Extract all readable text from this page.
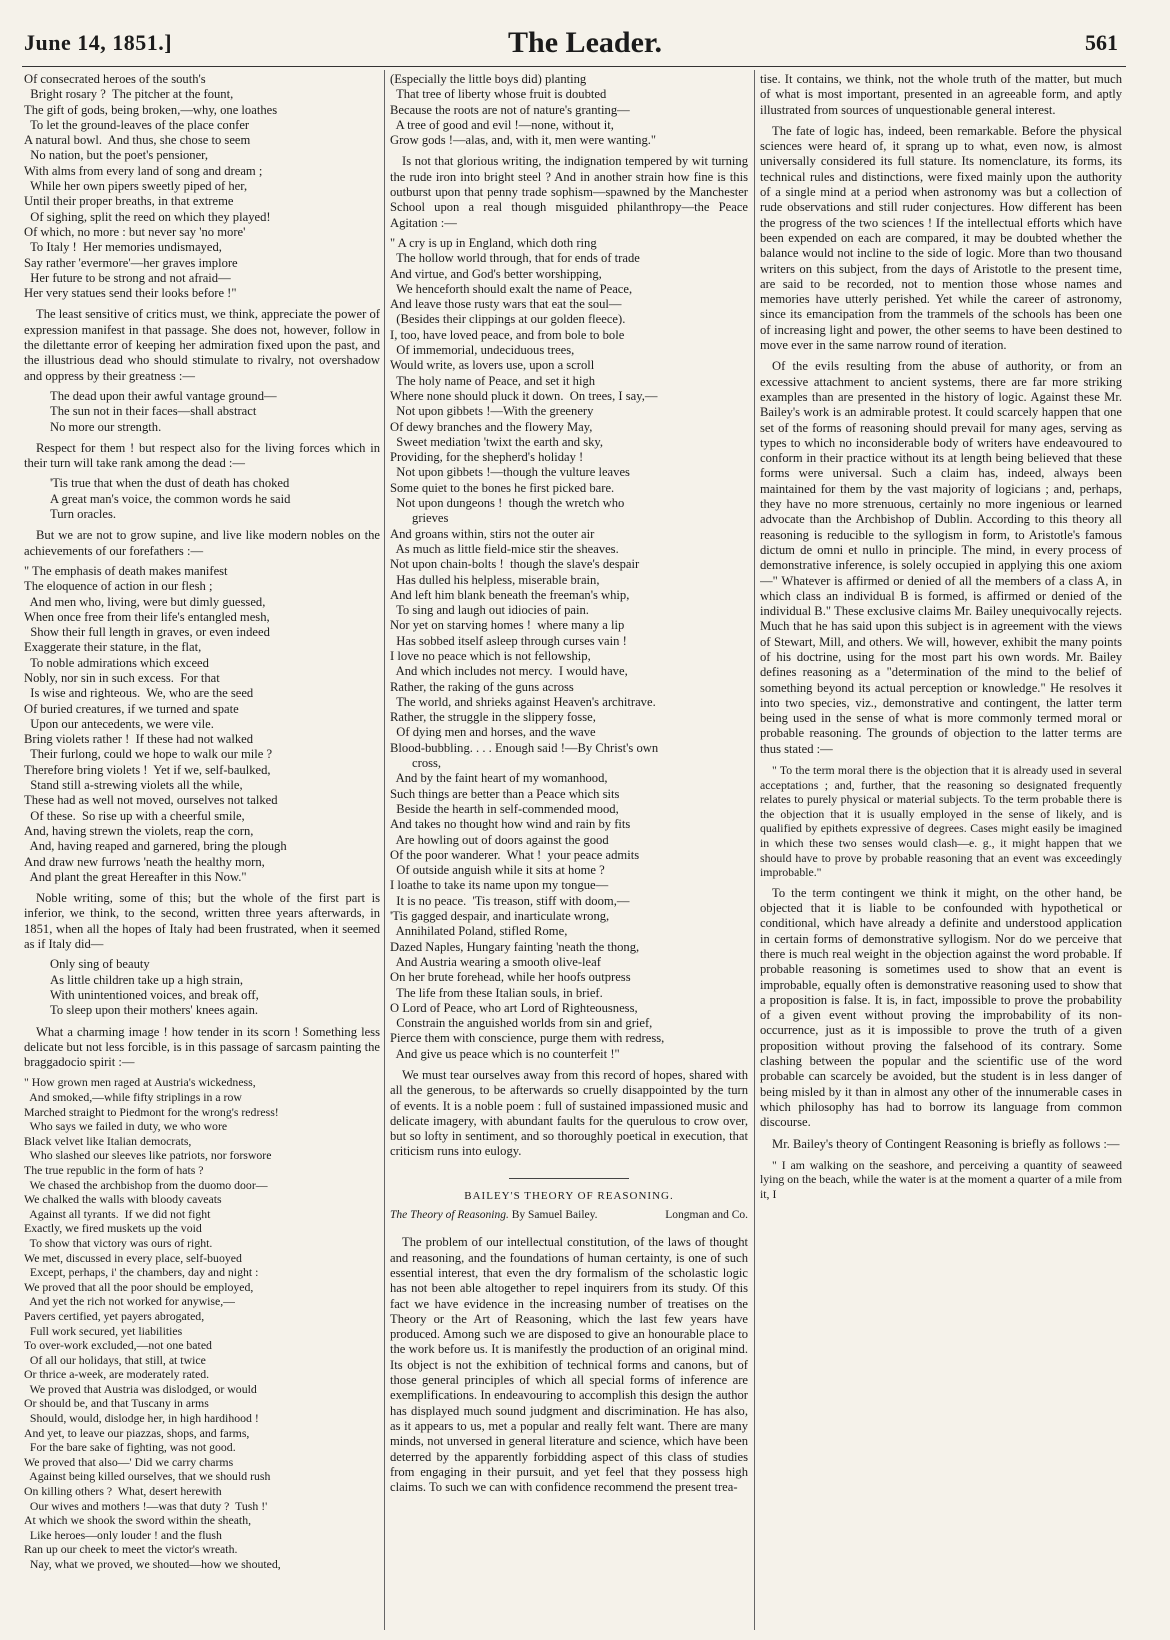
June 14, 1851.]	The Leader.	561
Of consecrated heroes of the south's
Bright rosary ?  The pitcher at the fount,
The gift of gods, being broken,—why, one loathes
To let the ground-leaves of the place confer
A natural bowl.  And thus, she chose to seem
No nation, but the poet's pensioner,
With alms from every land of song and dream ;
While her own pipers sweetly piped of her,
Until their proper breaths, in that extreme
Of sighing, split the reed on which they played!
Of which, no more : but never say 'no more'
To Italy !  Her memories undismayed,
Say rather 'evermore'—her graves implore
Her future to be strong and not afraid—
Her very statues send their looks before !"

The least sensitive of critics must, we think, appreciate the power of expression manifest in that passage. She does not, however, follow in the dilettante error of keeping her admiration fixed upon the past, and the illustrious dead who should stimulate to rivalry, not overshadow and oppress by their greatness :—

The dead upon their awful vantage ground—
The sun not in their faces—shall abstract
No more our strength.

Respect for them ! but respect also for the living forces which in their turn will take rank among the dead :—

'Tis true that when the dust of death has choked
A great man's voice, the common words he said
Turn oracles.

But we are not to grow supine, and live like modern nobles on the achievements of our forefathers :—

" The emphasis of death makes manifest
The eloquence of action in our flesh ;
And men who, living, were but dimly guessed,
When once free from their life's entangled mesh,
Show their full length in graves, or even indeed
Exaggerate their stature, in the flat,
To noble admirations which exceed
Nobly, nor sin in such excess.  For that
Is wise and righteous.  We, who are the seed
Of buried creatures, if we turned and spate
Upon our antecedents, we were vile.
Bring violets rather !  If these had not walked
Their furlong, could we hope to walk our mile ?
Therefore bring violets !  Yet if we, self-baulked,
Stand still a-strewing violets all the while,
These had as well not moved, ourselves not talked
Of these.  So rise up with a cheerful smile,
And, having strewn the violets, reap the corn,
And, having reaped and garnered, bring the plough
And draw new furrows 'neath the healthy morn,
And plant the great Hereafter in this Now."

Noble writing, some of this; but the whole of the first part is inferior, we think, to the second, written three years afterwards, in 1851, when all the hopes of Italy had been frustrated, when it seemed as if Italy did—

Only sing of beauty
As little children take up a high strain,
With unintentioned voices, and break off,
To sleep upon their mothers' knees again.

What a charming image ! how tender in its scorn ! Something less delicate but not less forcible, is in this passage of sarcasm painting the braggadocio spirit :—

" How grown men raged at Austria's wickedness,
And smoked,—while fifty striplings in a row
Marched straight to Piedmont for the wrong's redress!
Who says we failed in duty, we who wore
Black velvet like Italian democrats,
Who slashed our sleeves like patriots, nor forswore
The true republic in the form of hats ?
We chased the archbishop from the duomo door—
We chalked the walls with bloody caveats
Against all tyrants.  If we did not fight
Exactly, we fired muskets up the void
To show that victory was ours of right.
We met, discussed in every place, self-buoyed
Except, perhaps, i' the chambers, day and night :
We proved that all the poor should be employed,
And yet the rich not worked for anywise,—
Pavers certified, yet payers abrogated,
Full work secured, yet liabilities
To over-work excluded,—not one bated
Of all our holidays, that still, at twice
Or thrice a-week, are moderately rated.
We proved that Austria was dislodged, or would
Or should be, and that Tuscany in arms
Should, would, dislodge her, in high hardihood !
And yet, to leave our piazzas, shops, and farms,
For the bare sake of fighting, was not good.
We proved that also—' Did we carry charms
Against being killed ourselves, that we should rush
On killing others ?  What, desert herewith
Our wives and mothers !—was that duty ?  Tush !'
At which we shook the sword within the sheath,
Like heroes—only louder ! and the flush
Ran up our cheek to meet the victor's wreath.
Nay, what we proved, we shouted—how we shouted,
(Especially the little boys did) planting
That tree of liberty whose fruit is doubted
Because the roots are not of nature's granting—
A tree of good and evil !—none, without it,
Grow gods !—alas, and, with it, men were wanting."

Is not that glorious writing, the indignation tempered by wit turning the rude iron into bright steel ? And in another strain how fine is this outburst upon that penny trade sophism—spawned by the Manchester School upon a real though misguided philanthropy—the Peace Agitation :—

" A cry is up in England, which doth ring
The hollow world through, that for ends of trade
And virtue, and God's better worshipping,
We henceforth should exalt the name of Peace,
And leave those rusty wars that eat the soul—
(Besides their clippings at our golden fleece).
I, too, have loved peace, and from bole to bole
Of immemorial, undeciduous trees,
Would write, as lovers use, upon a scroll
The holy name of Peace, and set it high
Where none should pluck it down.  On trees, I say,—
Not upon gibbets !—With the greenery
Of dewy branches and the flowery May,
Sweet mediation 'twixt the earth and sky,
Providing, for the shepherd's holiday !
Not upon gibbets !—though the vulture leaves
Some quiet to the bones he first picked bare.
Not upon dungeons !  though the wretch who
grieves
And groans within, stirs not the outer air
As much as little field-mice stir the sheaves.
Not upon chain-bolts !  though the slave's despair
Has dulled his helpless, miserable brain,
And left him blank beneath the freeman's whip,
To sing and laugh out idiocies of pain.
Nor yet on starving homes !  where many a lip
Has sobbed itself asleep through curses vain !
I love no peace which is not fellowship,
And which includes not mercy.  I would have,
Rather, the raking of the guns across
The world, and shrieks against Heaven's architrave.
Rather, the struggle in the slippery fosse,
Of dying men and horses, and the wave
Blood-bubbling. . . . Enough said !—By Christ's own
cross,
And by the faint heart of my womanhood,
Such things are better than a Peace which sits
Beside the hearth in self-commended mood,
And takes no thought how wind and rain by fits
Are howling out of doors against the good
Of the poor wanderer.  What !  your peace admits
Of outside anguish while it sits at home ?
I loathe to take its name upon my tongue—
It is no peace.  'Tis treason, stiff with doom,—
'Tis gagged despair, and inarticulate wrong,
Annihilated Poland, stifled Rome,
Dazed Naples, Hungary fainting 'neath the thong,
And Austria wearing a smooth olive-leaf
On her brute forehead, while her hoofs outpress
The life from these Italian souls, in brief.
O Lord of Peace, who art Lord of Righteousness,
Constrain the anguished worlds from sin and grief,
Pierce them with conscience, purge them with redress,
And give us peace which is no counterfeit !"

We must tear ourselves away from this record of hopes, shared with all the generous, to be afterwards so cruelly disappointed by the turn of events. It is a noble poem : full of sustained impassioned music and delicate imagery, with abundant faults for the querulous to crow over, but so lofty in sentiment, and so thoroughly poetical in execution, that criticism runs into eulogy.

BAILEY'S THEORY OF REASONING.
The Theory of Reasoning. By Samuel Bailey.	Longman and Co.

The problem of our intellectual constitution, of the laws of thought and reasoning, and the foundations of human certainty, is one of such essential interest, that even the dry formalism of the scholastic logic has not been able altogether to repel inquirers from its study. Of this fact we have evidence in the increasing number of treatises on the Theory or the Art of Reasoning, which the last few years have produced. Among such we are disposed to give an honourable place to the work before us. It is manifestly the production of an original mind. Its object is not the exhibition of technical forms and canons, but of those general principles of which all special forms of inference are exemplifications. In endeavouring to accomplish this design the author has displayed much sound judgment and discrimination. He has also, as it appears to us, met a popular and really felt want. There are many minds, not unversed in general literature and science, which have been deterred by the apparently forbidding aspect of this class of studies from engaging in their pursuit, and yet feel that they possess high claims. To such we can with confidence recommend the present trea-

tise. It contains, we think, not the whole truth of the matter, but much of what is most important, presented in an agreeable form, and aptly illustrated from sources of unquestionable general interest.

The fate of logic has, indeed, been remarkable. Before the physical sciences were heard of, it sprang up to what, even now, is almost universally considered its full stature. Its nomenclature, its forms, its technical rules and distinctions, were fixed mainly upon the authority of a single mind at a period when astronomy was but a collection of rude observations and still ruder conjectures. How different has been the progress of the two sciences ! If the intellectual efforts which have been expended on each are compared, it may be doubted whether the balance would not incline to the side of logic. More than two thousand writers on this subject, from the days of Aristotle to the present time, are said to be recorded, not to mention those whose names and memories have utterly perished. Yet while the career of astronomy, since its emancipation from the trammels of the schools has been one of increasing light and power, the other seems to have been destined to move ever in the same narrow round of iteration.

Of the evils resulting from the abuse of authority, or from an excessive attachment to ancient systems, there are far more striking examples than are presented in the history of logic. Against these Mr. Bailey's work is an admirable protest. It could scarcely happen that one set of the forms of reasoning should prevail for many ages, serving as types to which no inconsiderable body of writers have endeavoured to conform in their practice without its at length being believed that these forms were universal. Such a claim has, indeed, always been maintained for them by the vast majority of logicians ; and, perhaps, they have no more strenuous, certainly no more ingenious or learned advocate than the Archbishop of Dublin. According to this theory all reasoning is reducible to the syllogism in form, to Aristotle's famous dictum de omni et nullo in principle. The mind, in every process of demonstrative inference, is solely occupied in applying this one axiom—" Whatever is affirmed or denied of all the members of a class A, in which class an individual B is formed, is affirmed or denied of the individual B." These exclusive claims Mr. Bailey unequivocally rejects. Much that he has said upon this subject is in agreement with the views of Stewart, Mill, and others. We will, however, exhibit the many points of his doctrine, using for the most part his own words. Mr. Bailey defines reasoning as a "determination of the mind to the belief of something beyond its actual perception or knowledge." He resolves it into two species, viz., demonstrative and contingent, the latter term being used in the sense of what is more commonly termed moral or probable reasoning. The grounds of objection to the latter terms are thus stated :—

" To the term moral there is the objection that it is already used in several acceptations ; and, further, that the reasoning so designated frequently relates to purely physical or material subjects. To the term probable there is the objection that it is usually employed in the sense of likely, and is qualified by epithets expressive of degrees. Cases might easily be imagined in which these two senses would clash—e. g., it might happen that we should have to prove by probable reasoning that an event was exceedingly improbable."

To the term contingent we think it might, on the other hand, be objected that it is liable to be confounded with hypothetical or conditional, which have already a definite and understood application in certain forms of demonstrative syllogism. Nor do we perceive that there is much real weight in the objection against the word probable. If probable reasoning is sometimes used to show that an event is improbable, equally often is demonstrative reasoning used to show that a proposition is false. It is, in fact, impossible to prove the probability of a given event without proving the improbability of its non-occurrence, just as it is impossible to prove the truth of a given proposition without proving the falsehood of its contrary. Some clashing between the popular and the scientific use of the word probable can scarcely be avoided, but the student is in less danger of being misled by it than in almost any other of the innumerable cases in which philosophy has had to borrow its language from common discourse.

Mr. Bailey's theory of Contingent Reasoning is briefly as follows :—

" I am walking on the seashore, and perceiving a quantity of seaweed lying on the beach, while the water is at the moment a quarter of a mile from it, I
